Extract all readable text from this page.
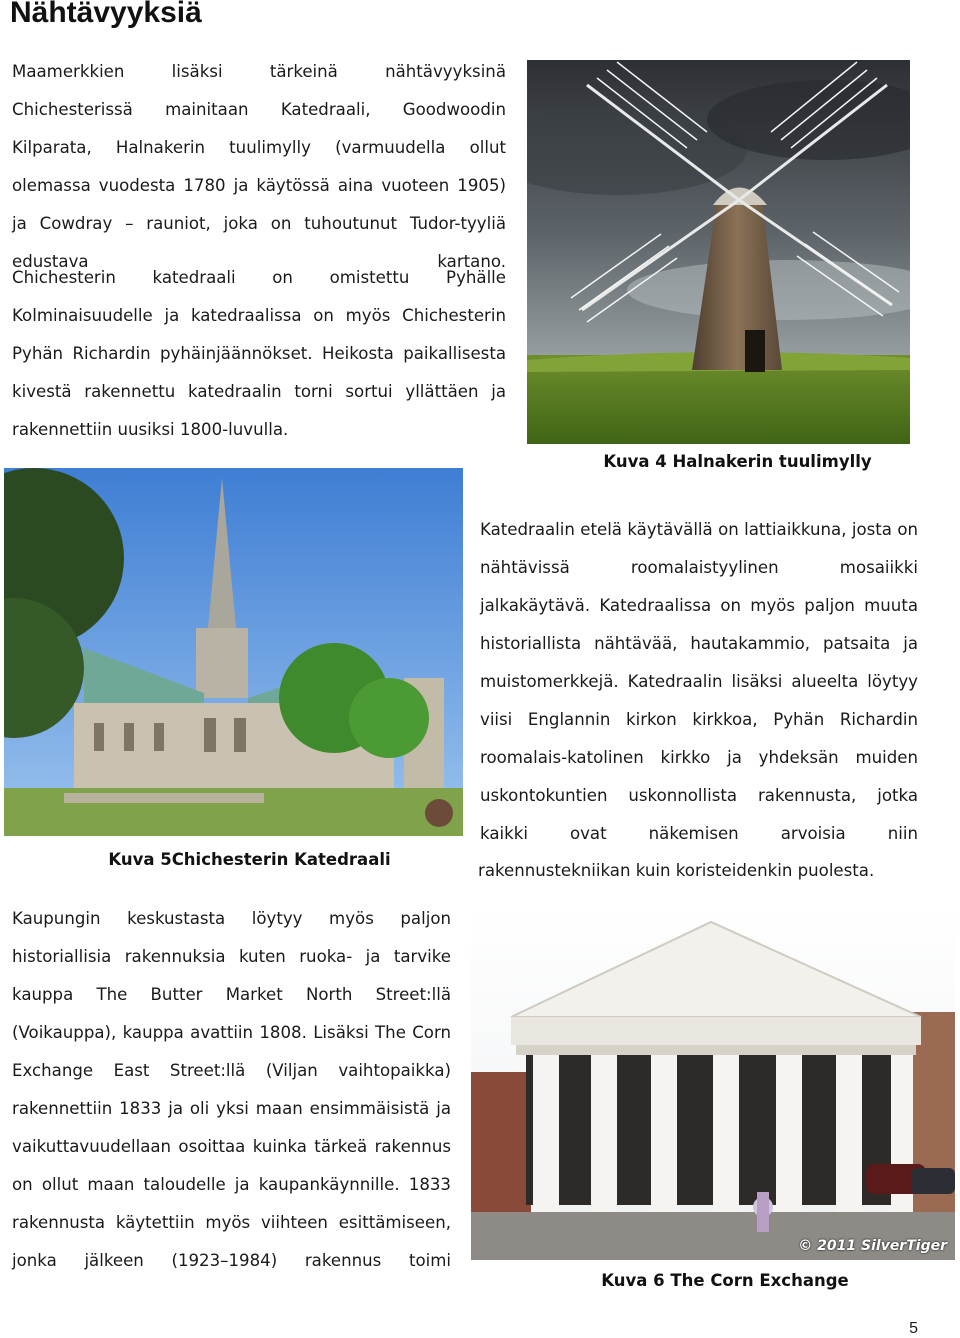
Nähtävyyksiä
Maamerkkien lisäksi tärkeinä nähtävyyksinä Chichesterissä mainitaan Katedraali, Goodwoodin Kilparata, Halnakerin tuulimylly (varmuudella ollut olemassa vuodesta 1780 ja käytössä aina vuoteen 1905) ja Cowdray – rauniot, joka on tuhoutunut Tudor-tyyliä edustava kartano.
Chichesterin katedraali on omistettu Pyhälle Kolminaisuudelle ja katedraalissa on myös Chichesterin Pyhän Richardin pyhäinjäännökset. Heikosta paikallisesta kivestä rakennettu katedraalin torni sortui yllättäen ja rakennettiin uusiksi 1800-luvulla.
Kuva 4 Halnakerin tuulimylly
Kuva 5Chichesterin Katedraali
Katedraalin etelä käytävällä on lattiaikkuna, josta on nähtävissä roomalaistyylinen mosaiikki jalkakäytävä. Katedraalissa on myös paljon muuta historiallista nähtävää, hautakammio, patsaita ja muistomerkkejä. Katedraalin lisäksi alueelta löytyy viisi Englannin kirkon kirkkoa, Pyhän Richardin roomalais-katolinen kirkko ja yhdeksän muiden uskontokuntien uskonnollista rakennusta, jotka kaikki ovat näkemisen arvoisia niin
rakennustekniikan kuin koristeidenkin puolesta.
Kaupungin keskustasta löytyy myös paljon historiallisia rakennuksia kuten ruoka- ja tarvike kauppa The Butter Market North Street:llä (Voikauppa), kauppa avattiin 1808. Lisäksi The Corn Exchange East Street:llä (Viljan vaihtopaikka) rakennettiin 1833 ja oli yksi maan ensimmäisistä ja vaikuttavuudellaan osoittaa kuinka tärkeä rakennus on ollut maan taloudelle ja kaupankäynnille. 1833 rakennusta käytettiin myös viihteen esittämiseen, jonka jälkeen (1923–1984) rakennus toimi
© 2011 SilverTiger
Kuva 6 The Corn Exchange
5
